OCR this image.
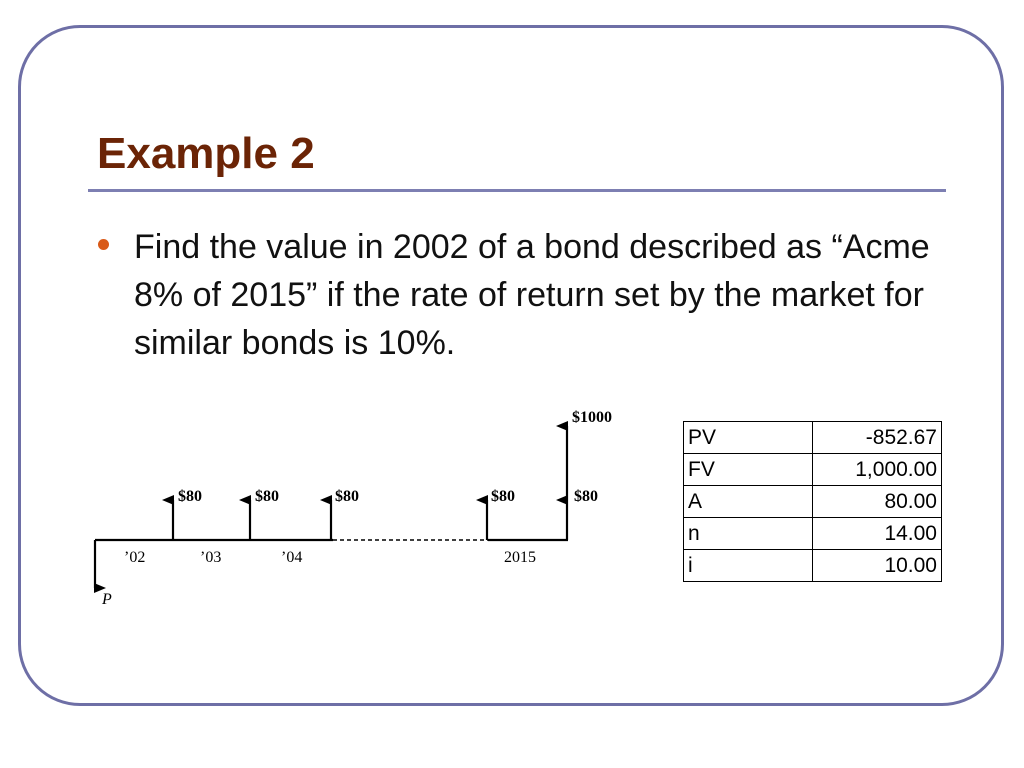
Example 2

Find the value in 2002 of a bond described as “Acme 8% of 2015” if the rate of return set by the market for similar bonds is 10%.

P
$80	$80	$80	$80	$80
$1000
’02	’03	’04	2015
PV	-852.67
FV	1,000.00
A	80.00
n	14.00
i	10.00
